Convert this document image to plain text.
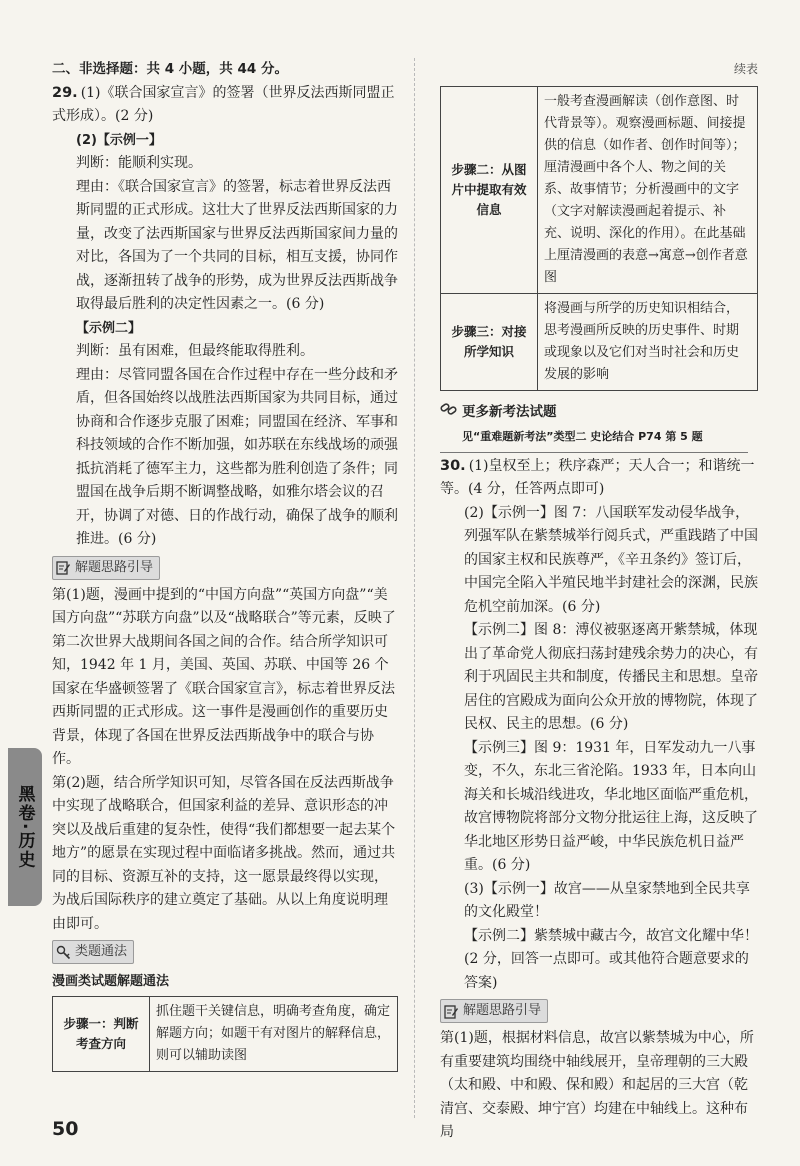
二、非选择题：共 4 小题，共 44 分。
29. (1)《联合国家宣言》的签署（世界反法西斯同盟正式形成）。(2 分)
(2)【示例一】
判断：能顺利实现。
理由：《联合国家宣言》的签署，标志着世界反法西斯同盟的正式形成。这壮大了世界反法西斯国家的力量，改变了法西斯国家与世界反法西斯国家间力量的对比，各国为了一个共同的目标，相互支援，协同作战，逐渐扭转了战争的形势，成为世界反法西斯战争取得最后胜利的决定性因素之一。(6 分)
【示例二】
判断：虽有困难，但最终能取得胜利。
理由：尽管同盟各国在合作过程中存在一些分歧和矛盾，但各国始终以战胜法西斯国家为共同目标，通过协商和合作逐步克服了困难；同盟国在经济、军事和科技领域的合作不断加强，如苏联在东线战场的顽强抵抗消耗了德军主力，这些都为胜利创造了条件；同盟国在战争后期不断调整战略，如雅尔塔会议的召开，协调了对德、日的作战行动，确保了战争的顺利推进。(6 分)
解题思路引导
第(1)题，漫画中提到的“中国方向盘”“英国方向盘”“美国方向盘”“苏联方向盘”以及“战略联合”等元素，反映了第二次世界大战期间各国之间的合作。结合所学知识可知，1942 年 1 月，美国、英国、苏联、中国等 26 个国家在华盛顿签署了《联合国家宣言》，标志着世界反法西斯同盟的正式形成。这一事件是漫画创作的重要历史背景，体现了各国在世界反法西斯战争中的联合与协作。
第(2)题，结合所学知识可知，尽管各国在反法西斯战争中实现了战略联合，但国家利益的差异、意识形态的冲突以及战后重建的复杂性，使得“我们都想要一起去某个地方”的愿景在实现过程中面临诸多挑战。然而，通过共同的目标、资源互补的支持，这一愿景最终得以实现，为战后国际秩序的建立奠定了基础。从以上角度说明理由即可。
类题通法
漫画类试题解题通法
步骤一：判断考查方向	抓住题干关键信息，明确考查角度，确定解题方向；如题干有对图片的解释信息，则可以辅助读图
续表
步骤二：从图片中提取有效信息	一般考查漫画解读（创作意图、时代背景等）。观察漫画标题、间接提供的信息（如作者、创作时间等）；厘清漫画中各个人、物之间的关系、故事情节；分析漫画中的文字（文字对解读漫画起着提示、补充、说明、深化的作用）。在此基础上厘清漫画的表意→寓意→创作者意图
步骤三：对接所学知识	将漫画与所学的历史知识相结合，思考漫画所反映的历史事件、时期或现象以及它们对当时社会和历史发展的影响
更多新考法试题
见“重难题新考法”类型二 史论结合 P74 第 5 题
30. (1)皇权至上；秩序森严；天人合一；和谐统一等。(4 分，任答两点即可)
(2)【示例一】图 7：八国联军发动侵华战争，列强军队在紫禁城举行阅兵式，严重践踏了中国的国家主权和民族尊严，《辛丑条约》签订后，中国完全陷入半殖民地半封建社会的深渊，民族危机空前加深。(6 分)
【示例二】图 8：溥仪被驱逐离开紫禁城，体现出了革命党人彻底扫荡封建残余势力的决心，有利于巩固民主共和制度，传播民主和思想。皇帝居住的宫殿成为面向公众开放的博物院，体现了民权、民主的思想。(6 分)
【示例三】图 9：1931 年，日军发动九一八事变，不久，东北三省沦陷。1933 年，日本向山海关和长城沿线进攻，华北地区面临严重危机，故宫博物院将部分文物分批运往上海，这反映了华北地区形势日益严峻，中华民族危机日益严重。(6 分)
(3)【示例一】故宫——从皇家禁地到全民共享的文化殿堂！
【示例二】紫禁城中藏古今，故宫文化耀中华！
(2 分，回答一点即可。或其他符合题意要求的答案)
解题思路引导
第(1)题，根据材料信息，故宫以紫禁城为中心，所有重要建筑均围绕中轴线展开，皇帝理朝的三大殿（太和殿、中和殿、保和殿）和起居的三大宫（乾清宫、交泰殿、坤宁宫）均建在中轴线上。这种布局
黑卷·历史
50
